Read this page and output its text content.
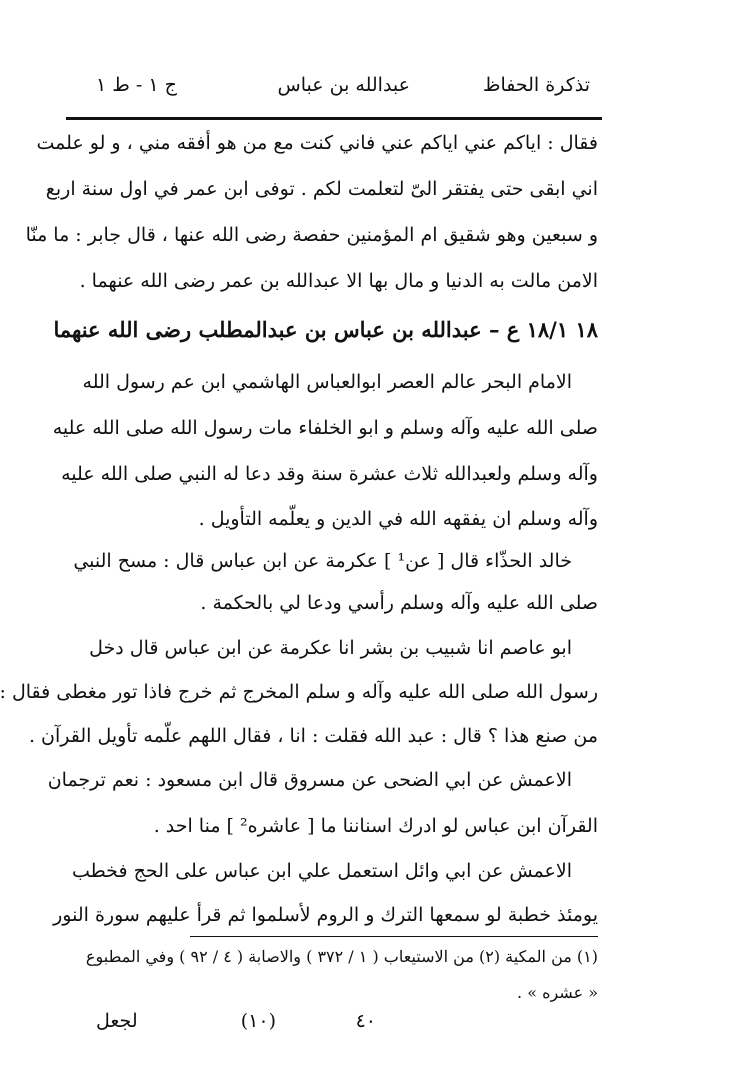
تذكرة الحفاظ
عبدالله بن عباس
ج ١ - ط ١
فقال : اياكم عني اياكم عني فاني كنت مع من هو أفقه مني ، و لو علمت
اني ابقى حتى يفتقر الىّ لتعلمت لكم . توفى ابن عمر في اول سنة اربع
و سبعين وهو شقيق ام المؤمنين حفصة رضى الله عنها ، قال جابر : ما منّا
الامن مالت به الدنيا و مال بها الا عبدالله بن عمر رضى الله عنهما .
١٨ ١٨/١ ع – عبدالله بن عباس بن عبدالمطلب رضى الله عنهما
الامام البحر عالم العصر ابوالعباس الهاشمي ابن عم رسول الله
صلى الله عليه وآله وسلم و ابو الخلفاء مات رسول الله صلى الله عليه
وآله وسلم ولعبدالله ثلاث عشرة سنة وقد دعا له النبي صلى الله عليه
وآله وسلم ان يفقهه الله في الدين و يعلّمه التأويل .
خالد الحذّاء قال [ عن¹ ] عكرمة عن ابن عباس قال : مسح النبي
صلى الله عليه وآله وسلم رأسي ودعا لي بالحكمة .
ابو عاصم انا شبيب بن بشر انا عكرمة عن ابن عباس قال دخل
رسول الله صلى الله عليه وآله و سلم المخرج ثم خرج فاذا تور مغطى فقال :
من صنع هذا ؟ قال : عبد الله فقلت : انا ، فقال اللهم علّمه تأويل القرآن .
الاعمش عن ابي الضحى عن مسروق قال ابن مسعود : نعم ترجمان
القرآن ابن عباس لو ادرك اسناننا ما [ عاشره² ] منا احد .
الاعمش عن ابي وائل استعمل علي ابن عباس على الحج فخطب
يومئذ خطبة لو سمعها الترك و الروم لأسلموا ثم قرأ عليهم سورة النور
(١) من المكية (٢) من الاستيعاب ( ١ / ٣٧٢ ) والاصابة ( ٤ / ٩٢ ) وفي المطبوع
« عشره » .
٤٠
(١٠)
لجعل
